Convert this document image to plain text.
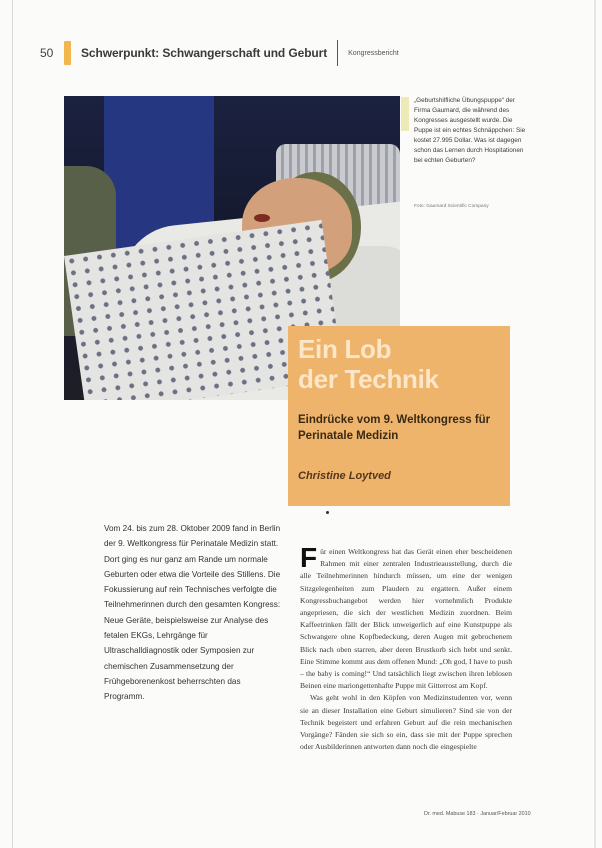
50	Schwerpunkt: Schwangerschaft und Geburt	Kongressbericht
„Geburtshilfliche Übungspuppe“ der Firma Gaumard, die während des Kongresses ausgestellt wurde. Die Puppe ist ein echtes Schnäppchen: Sie kostet 27.995 Dollar. Was ist dagegen schon das Lernen durch Hospitationen bei echten Geburten?
Foto: Gaumard Scientific Company
Ein Lob
der Technik
Eindrücke vom 9. Weltkongress für Perinatale Medizin
Christine Loytved
Vom 24. bis zum 28. Oktober 2009 fand in Berlin der 9. Weltkongress für Perinatale Medizin statt. Dort ging es nur ganz am Rande um normale Geburten oder etwa die Vorteile des Stillens. Die Fokussierung auf rein Technisches verfolgte die Teilnehmerinnen durch den gesamten Kongress: Neue Geräte, beispielsweise zur Analyse des fetalen EKGs, Lehrgänge für Ultraschalldiagnostik oder Symposien zur chemischen Zusammensetzung der Frühgeborenenkost beherrschten das Programm.

Für einen Weltkongress hat das Gerät einen eher bescheidenen Rahmen mit einer zentralen Industrieausstellung, durch die alle Teilnehmerinnen hindurch müssen, um eine der wenigen Sitzgelegenheiten zum Plaudern zu ergattern. Außer einem Kongressbuchangebot werden hier vornehmlich Produkte angepriesen, die sich der westlichen Medizin zuordnen. Beim Kaffeetrinken fällt der Blick unweigerlich auf eine Kunstpuppe als Schwangere ohne Kopfbedeckung, deren Augen mit gebrochenem Blick nach oben starren, aber deren Brustkorb sich hebt und senkt. Eine Stimme kommt aus dem offenen Mund: „Oh god, I have to push – the baby is coming!“ Und tatsächlich liegt zwischen ihren leblosen Beinen eine mariongettenhafte Puppe mit Gitterrost am Kopf.

Was geht wohl in den Köpfen von Medizinstudenten vor, wenn sie an dieser Installation eine Geburt simulieren? Sind sie von der Technik begeistert und erfahren Geburt auf die rein mechanischen Vorgänge? Fänden sie sich so ein, dass sie mit der Puppe sprechen oder Ausbilderinnen antworten dann noch die eingespielte

Dr. med. Mabuse 183 · Januar/Februar 2010
